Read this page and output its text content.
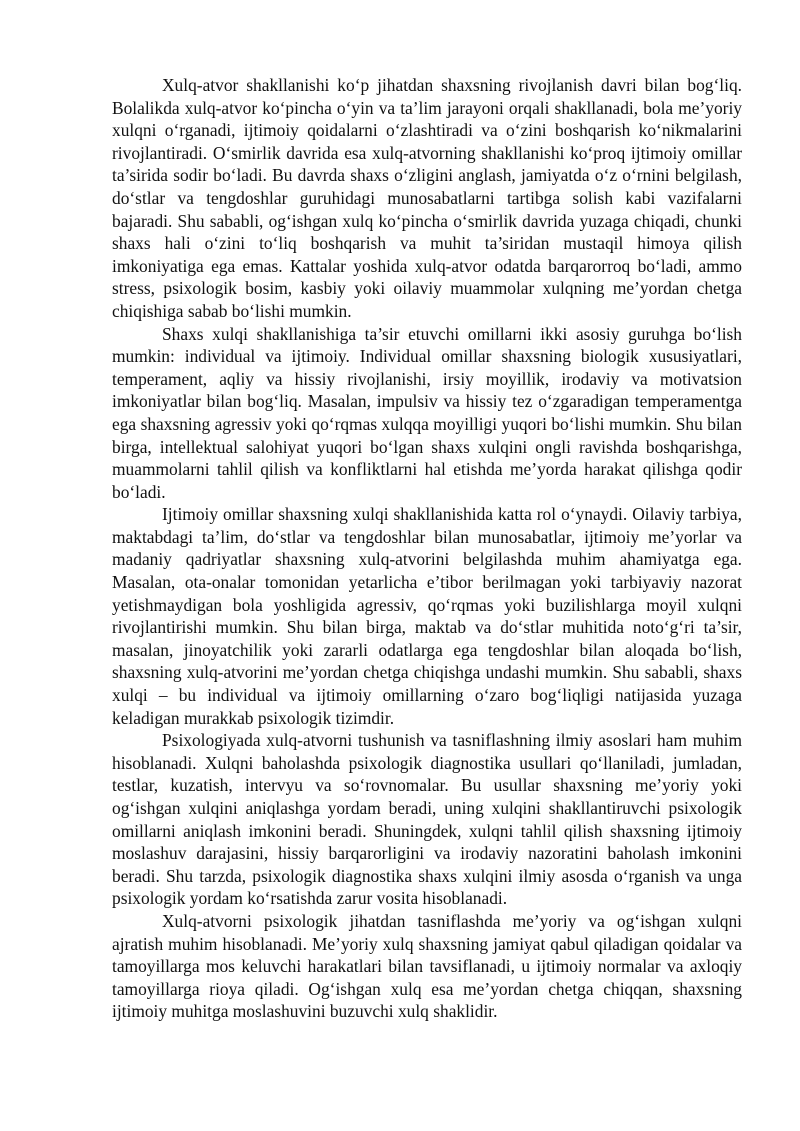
Xulq-atvor shakllanishi ko‘p jihatdan shaxsning rivojlanish davri bilan bog‘liq. Bolalikda xulq-atvor ko‘pincha o‘yin va ta’lim jarayoni orqali shakllanadi, bola me’yoriy xulqni o‘rganadi, ijtimoiy qoidalarni o‘zlashtiradi va o‘zini boshqarish ko‘nikmalarini rivojlantiradi. O‘smirlik davrida esa xulq-atvorning shakllanishi ko‘proq ijtimoiy omillar ta’sirida sodir bo‘ladi. Bu davrda shaxs o‘zligini anglash, jamiyatda o‘z o‘rnini belgilash, do‘stlar va tengdoshlar guruhidagi munosabatlarni tartibga solish kabi vazifalarni bajaradi. Shu sababli, og‘ishgan xulq ko‘pincha o‘smirlik davrida yuzaga chiqadi, chunki shaxs hali o‘zini to‘liq boshqarish va muhit ta’siridan mustaqil himoya qilish imkoniyatiga ega emas. Kattalar yoshida xulq-atvor odatda barqarorroq bo‘ladi, ammo stress, psixologik bosim, kasbiy yoki oilaviy muammolar xulqning me’yordan chetga chiqishiga sabab bo‘lishi mumkin.

Shaxs xulqi shakllanishiga ta’sir etuvchi omillarni ikki asosiy guruhga bo‘lish mumkin: individual va ijtimoiy. Individual omillar shaxsning biologik xususiyatlari, temperament, aqliy va hissiy rivojlanishi, irsiy moyillik, irodaviy va motivatsion imkoniyatlar bilan bog‘liq. Masalan, impulsiv va hissiy tez o‘zgaradigan temperamentga ega shaxsning agressiv yoki qo‘rqmas xulqqa moyilligi yuqori bo‘lishi mumkin. Shu bilan birga, intellektual salohiyat yuqori bo‘lgan shaxs xulqini ongli ravishda boshqarishga, muammolarni tahlil qilish va konfliktlarni hal etishda me’yorda harakat qilishga qodir bo‘ladi.

Ijtimoiy omillar shaxsning xulqi shakllanishida katta rol o‘ynaydi. Oilaviy tarbiya, maktabdagi ta’lim, do‘stlar va tengdoshlar bilan munosabatlar, ijtimoiy me’yorlar va madaniy qadriyatlar shaxsning xulq-atvorini belgilashda muhim ahamiyatga ega. Masalan, ota-onalar tomonidan yetarlicha e’tibor berilmagan yoki tarbiyaviy nazorat yetishmaydigan bola yoshligida agressiv, qo‘rqmas yoki buzilishlarga moyil xulqni rivojlantirishi mumkin. Shu bilan birga, maktab va do‘stlar muhitida noto‘g‘ri ta’sir, masalan, jinoyatchilik yoki zararli odatlarga ega tengdoshlar bilan aloqada bo‘lish, shaxsning xulq-atvorini me’yordan chetga chiqishga undashi mumkin. Shu sababli, shaxs xulqi – bu individual va ijtimoiy omillarning o‘zaro bog‘liqligi natijasida yuzaga keladigan murakkab psixologik tizimdir.

Psixologiyada xulq-atvorni tushunish va tasniflashning ilmiy asoslari ham muhim hisoblanadi. Xulqni baholashda psixologik diagnostika usullari qo‘llaniladi, jumladan, testlar, kuzatish, intervyu va so‘rovnomalar. Bu usullar shaxsning me’yoriy yoki og‘ishgan xulqini aniqlashga yordam beradi, uning xulqini shakllantiruvchi psixologik omillarni aniqlash imkonini beradi. Shuningdek, xulqni tahlil qilish shaxsning ijtimoiy moslashuv darajasini, hissiy barqarorligini va irodaviy nazoratini baholash imkonini beradi. Shu tarzda, psixologik diagnostika shaxs xulqini ilmiy asosda o‘rganish va unga psixologik yordam ko‘rsatishda zarur vosita hisoblanadi.

Xulq-atvorni psixologik jihatdan tasniflashda me’yoriy va og‘ishgan xulqni ajratish muhim hisoblanadi. Me’yoriy xulq shaxsning jamiyat qabul qiladigan qoidalar va tamoyillarga mos keluvchi harakatlari bilan tavsiflanadi, u ijtimoiy normalar va axloqiy tamoyillarga rioya qiladi. Og‘ishgan xulq esa me’yordan chetga chiqqan, shaxsning ijtimoiy muhitga moslashuvini buzuvchi xulq shaklidir.
